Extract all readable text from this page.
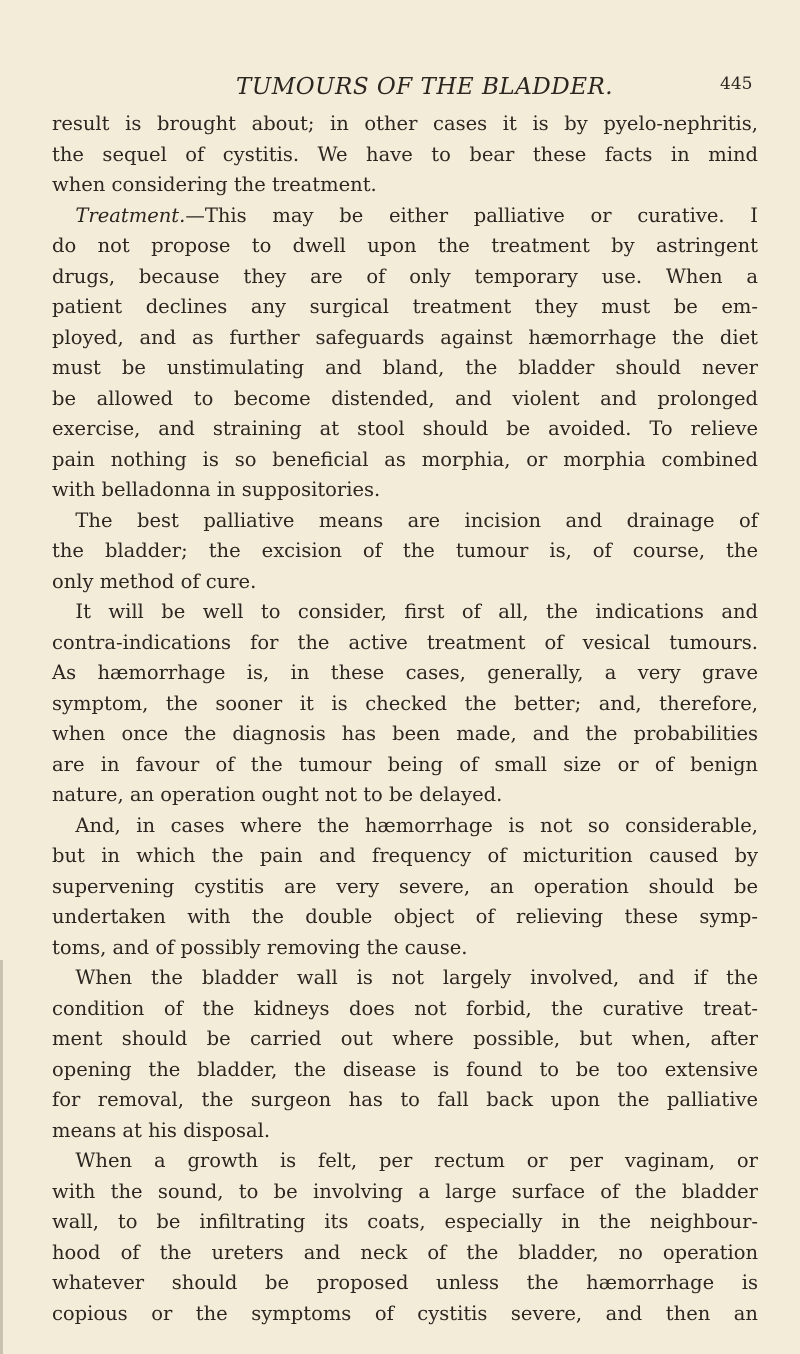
TUMOURS OF THE BLADDER.	445
result is brought about; in other cases it is by pyelo-nephritis,
the sequel of cystitis. We have to bear these facts in mind
when considering the treatment.
Treatment.—This may be either palliative or curative. I
do not propose to dwell upon the treatment by astringent
drugs, because they are of only temporary use. When a
patient declines any surgical treatment they must be em-
ployed, and as further safeguards against hæmorrhage the diet
must be unstimulating and bland, the bladder should never
be allowed to become distended, and violent and prolonged
exercise, and straining at stool should be avoided. To relieve
pain nothing is so beneficial as morphia, or morphia combined
with belladonna in suppositories.
The best palliative means are incision and drainage of
the bladder; the excision of the tumour is, of course, the
only method of cure.
It will be well to consider, first of all, the indications and
contra-indications for the active treatment of vesical tumours.
As hæmorrhage is, in these cases, generally, a very grave
symptom, the sooner it is checked the better; and, therefore,
when once the diagnosis has been made, and the probabilities
are in favour of the tumour being of small size or of benign
nature, an operation ought not to be delayed.
And, in cases where the hæmorrhage is not so considerable,
but in which the pain and frequency of micturition caused by
supervening cystitis are very severe, an operation should be
undertaken with the double object of relieving these symp-
toms, and of possibly removing the cause.
When the bladder wall is not largely involved, and if the
condition of the kidneys does not forbid, the curative treat-
ment should be carried out where possible, but when, after
opening the bladder, the disease is found to be too extensive
for removal, the surgeon has to fall back upon the palliative
means at his disposal.
When a growth is felt, per rectum or per vaginam, or
with the sound, to be involving a large surface of the bladder
wall, to be infiltrating its coats, especially in the neighbour-
hood of the ureters and neck of the bladder, no operation
whatever should be proposed unless the hæmorrhage is
copious or the symptoms of cystitis severe, and then an
